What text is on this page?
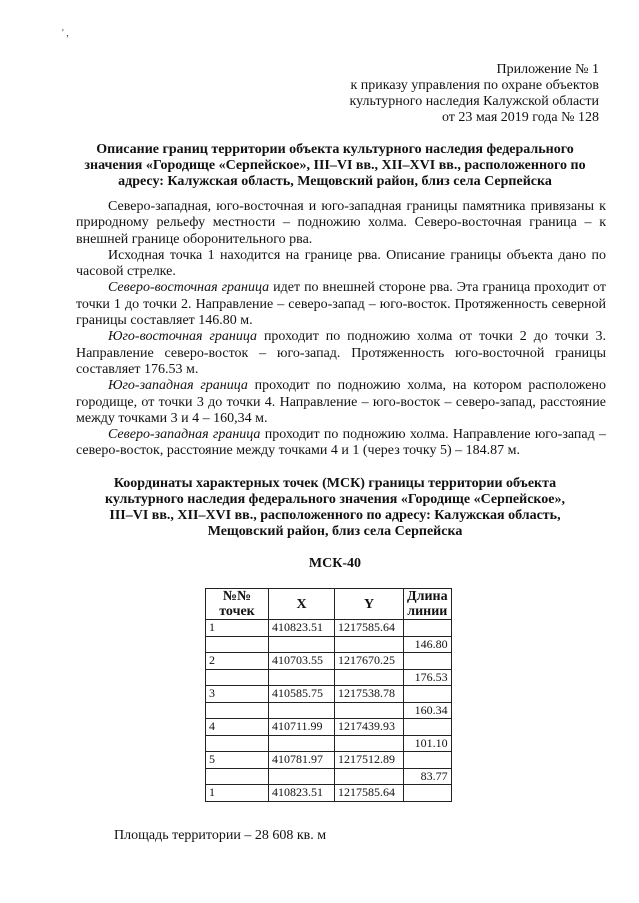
' ,
Приложение № 1
к приказу управления по охране объектов
культурного наследия Калужской области
от 23 мая 2019 года № 128
Описание границ территории объекта культурного наследия федерального
значения «Городище «Серпейское», III–VI вв., XII–XVI вв., расположенного по
адресу: Калужская область, Мещовский район, близ села Серпейска

Северо-западная, юго-восточная и юго-западная границы памятника привязаны к природному рельефу местности – подножию холма. Северо-восточная граница – к внешней границе оборонительного рва.

Исходная точка 1 находится на границе рва. Описание границы объекта дано по часовой стрелке.

Северо-восточная граница идет по внешней стороне рва. Эта граница проходит от точки 1 до точки 2. Направление – северо-запад – юго-восток. Протяженность северной границы составляет 146.80 м.

Юго-восточная граница проходит по подножию холма от точки 2 до точки 3. Направление северо-восток – юго-запад. Протяженность юго-восточной границы составляет 176.53 м.

Юго-западная граница проходит по подножию холма, на котором расположено городище, от точки 3 до точки 4. Направление – юго-восток – северо-запад, расстояние между точками 3 и 4 – 160,34 м.

Северо-западная граница проходит по подножию холма. Направление юго-запад – северо-восток, расстояние между точками 4 и 1 (через точку 5) – 184.87 м.

Координаты характерных точек (МСК) границы территории объекта
культурного наследия федерального значения «Городище «Серпейское»,
III–VI вв., XII–XVI вв., расположенного по адресу: Калужская область,
Мещовский район, близ села Серпейска
МСК-40
№№
точек	X	Y	Длина
линии
1	410823.51	1217585.64	
			146.80
2	410703.55	1217670.25	
			176.53
3	410585.75	1217538.78	
			160.34
4	410711.99	1217439.93	
			101.10
5	410781.97	1217512.89	
			83.77
1	410823.51	1217585.64	
Площадь территории – 28 608 кв. м
